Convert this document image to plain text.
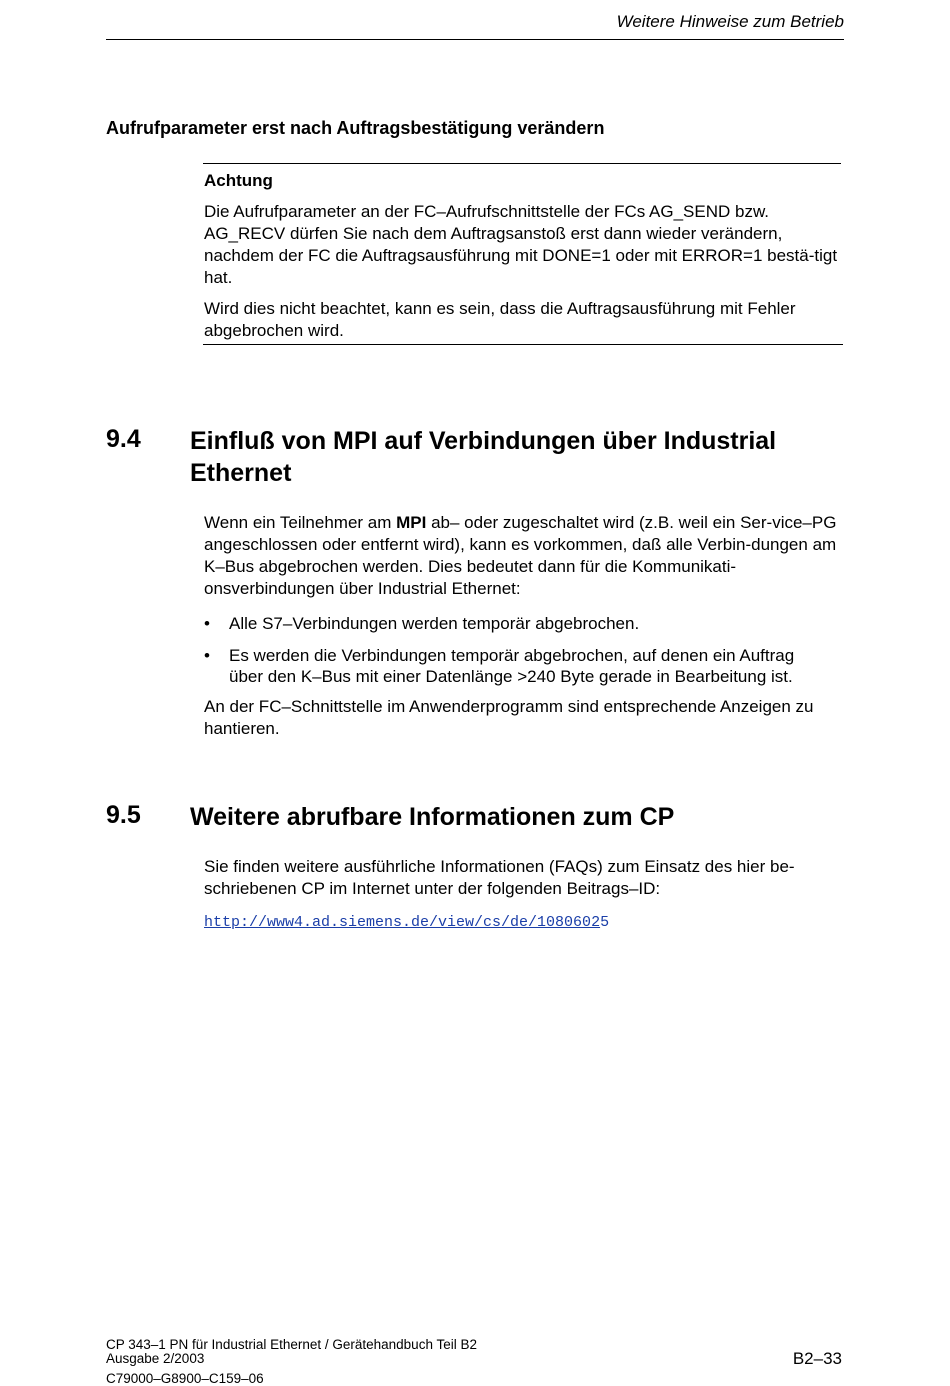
Weitere Hinweise zum Betrieb
Aufrufparameter erst nach Auftragsbestätigung verändern
Achtung
Die Aufrufparameter an der FC–Aufrufschnittstelle der FCs AG_SEND bzw. AG_RECV dürfen Sie nach dem Auftragsanstoß erst dann wieder verändern, nachdem der FC die Auftragsausführung mit DONE=1 oder mit ERROR=1 bestä-tigt hat.
Wird dies nicht beachtet, kann es sein, dass die Auftragsausführung mit Fehler abgebrochen wird.
9.4 Einfluß von MPI auf Verbindungen über Industrial Ethernet
Wenn ein Teilnehmer am MPI ab– oder zugeschaltet wird (z.B. weil ein Ser-vice–PG angeschlossen oder entfernt wird), kann es vorkommen, daß alle Verbin-dungen am K–Bus abgebrochen werden. Dies bedeutet dann für die Kommunikati-onsverbindungen über Industrial Ethernet:
• Alle S7–Verbindungen werden temporär abgebrochen.
• Es werden die Verbindungen temporär abgebrochen, auf denen ein Auftrag über den K–Bus mit einer Datenlänge >240 Byte gerade in Bearbeitung ist.
An der FC–Schnittstelle im Anwenderprogramm sind entsprechende Anzeigen zu hantieren.
9.5 Weitere abrufbare Informationen zum CP
Sie finden weitere ausführliche Informationen (FAQs) zum Einsatz des hier be-schriebenen CP im Internet unter der folgenden Beitrags–ID:
http://www4.ad.siemens.de/view/cs/de/10806025
CP 343–1 PN für Industrial Ethernet / Gerätehandbuch Teil B2
Ausgabe 2/2003
C79000–G8900–C159–06
B2–33
